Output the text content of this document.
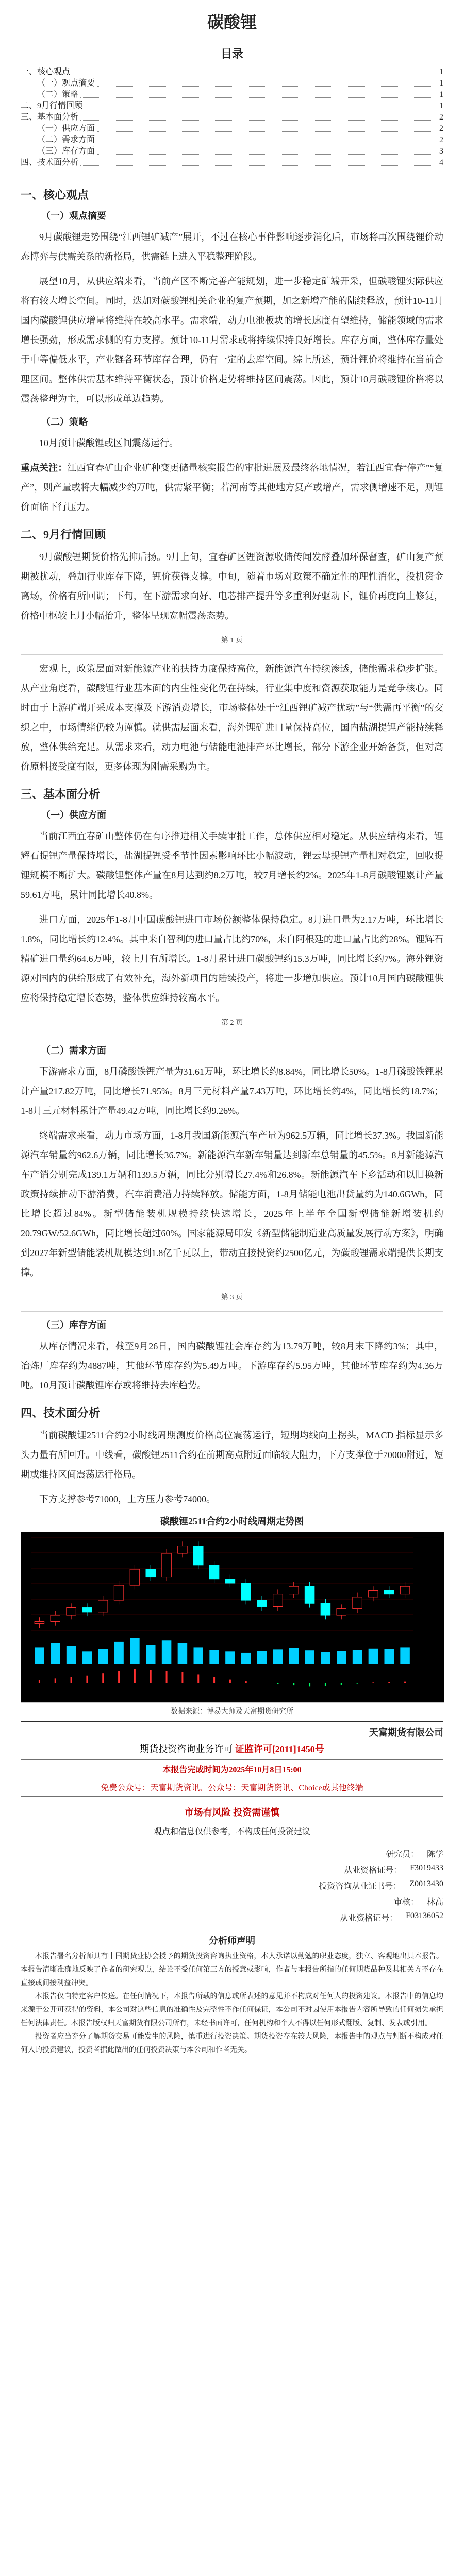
碳酸锂
目录
一、核心观点	1
（一）观点摘要	1
（二）策略	1
二、9月行情回顾	1
三、基本面分析	2
（一）供应方面	2
（二）需求方面	2
（三）库存方面	3
四、技术面分析	4
一、核心观点
（一）观点摘要

9月碳酸锂走势围绕“江西锂矿减产”展开，不过在核心事件影响逐步消化后，市场将再次围绕锂价动态博弈与供需关系的新格局，供需链上进入平稳整理阶段。

展望10月，从供应端来看，当前产区不断完善产能规划，进一步稳定矿端开采，但碳酸锂实际供应将有较大增长空间。同时，迭加对碳酸锂相关企业的复产预期，加之新增产能的陆续释放，预计10-11月国内碳酸锂供应增量将维持在较高水平。需求端，动力电池板块的增长速度有望维持，储能领域的需求增长强劲，形成需求侧的有力支撑。预计10-11月需求或将持续保持良好增长。库存方面，整体库存量处于中等偏低水平，产业链各环节库存合理，仍有一定的去库空间。综上所述，预计锂价将维持在当前合理区间。整体供需基本维持平衡状态，预计价格走势将维持区间震荡。因此，预计10月碳酸锂价格将以震荡整理为主，可以形成单边趋势。

（二）策略

10月预计碳酸锂或区间震荡运行。

重点关注：江西宜春矿山企业矿种变更储量核实报告的审批进展及最终落地情况，若江西宜春“停产”“复产”，则产量或将大幅减少约万吨，供需紧平衡；若河南等其他地方复产或增产，需求侧增速不足，则锂价面临下行压力。
二、9月行情回顾

9月碳酸锂期货价格先抑后扬。9月上旬，宜春矿区锂资源收储传闻发酵叠加环保督查，矿山复产预期被扰动，叠加行业库存下降，锂价获得支撑。中旬，随着市场对政策不确定性的理性消化，投机资金离场，价格有所回调；下旬，在下游需求向好、电芯排产提升等多重利好驱动下，锂价再度向上修复，价格中枢较上月小幅抬升，整体呈现宽幅震荡态势。

第 1 页

宏观上，政策层面对新能源产业的扶持力度保持高位，新能源汽车持续渗透，储能需求稳步扩张。从产业角度看，碳酸锂行业基本面的内生性变化仍在持续，行业集中度和资源获取能力是竞争核心。同时由于上游矿端开采成本支撑及下游消费增长，市场整体处于“江西锂矿减产扰动”与“供需再平衡”的交织之中，市场情绪仍较为谨慎。就供需层面来看，海外锂矿进口量保持高位，国内盐湖提锂产能持续释放，整体供给充足。从需求来看，动力电池与储能电池排产环比增长，部分下游企业开始备货，但对高价原料接受度有限，更多体现为刚需采购为主。

三、基本面分析
（一）供应方面

当前江西宜春矿山整体仍在有序推进相关手续审批工作，总体供应相对稳定。从供应结构来看，锂辉石提锂产量保持增长，盐湖提锂受季节性因素影响环比小幅波动，锂云母提锂产量相对稳定，回收提锂规模不断扩大。碳酸锂整体产量在8月达到约8.2万吨，较7月增长约2%。2025年1-8月碳酸锂累计产量59.61万吨，累计同比增长40.8%。

进口方面，2025年1-8月中国碳酸锂进口市场份额整体保持稳定。8月进口量为2.17万吨，环比增长1.8%，同比增长约12.4%。其中来自智利的进口量占比约70%，来自阿根廷的进口量占比约28%。锂辉石精矿进口量约64.6万吨，较上月有所增长。1-8月累计进口碳酸锂约15.3万吨，同比增长约7%。海外锂资源对国内的供给形成了有效补充，海外新项目的陆续投产，将进一步增加供应。预计10月国内碳酸锂供应将保持稳定增长态势，整体供应维持较高水平。

第 2 页
（二）需求方面

下游需求方面，8月磷酸铁锂产量为31.61万吨，环比增长约8.84%，同比增长50%。1-8月磷酸铁锂累计产量217.82万吨，同比增长71.95%。8月三元材料产量7.43万吨，环比增长约4%，同比增长约18.7%；1-8月三元材料累计产量49.42万吨，同比增长约9.26%。

终端需求来看，动力市场方面，1-8月我国新能源汽车产量为962.5万辆，同比增长37.3%。我国新能源汽车销量约962.6万辆，同比增长36.7%。新能源汽车新车销量达到新车总销量的45.5%。8月新能源汽车产销分别完成139.1万辆和139.5万辆，同比分别增长27.4%和26.8%。新能源汽车下乡活动和以旧换新政策持续推动下游消费，汽车消费潜力持续释放。储能方面，1-8月储能电池出货量约为140.6GWh，同比增长超过84%。新型储能装机规模持续快速增长，2025年上半年全国新型储能新增装机约20.79GW/52.6GWh，同比增长超过60%。国家能源局印发《新型储能制造业高质量发展行动方案》，明确到2027年新型储能装机规模达到1.8亿千瓦以上，带动直接投资约2500亿元，为碳酸锂需求端提供长期支撑。

第 3 页
（三）库存方面

从库存情况来看，截至9月26日，国内碳酸锂社会库存约为13.79万吨，较8月末下降约3%；其中，冶炼厂库存约为4887吨，其他环节库存约为5.49万吨。下游库存约5.95万吨，其他环节库存约为4.36万吨。10月预计碳酸锂库存或将维持去库趋势。

四、技术面分析

当前碳酸锂2511合约2小时线周期测度价格高位震荡运行，短期均线向上拐头，MACD 指标显示多头力量有所回升。中线看，碳酸锂2511合约在前期高点附近面临较大阻力，下方支撑位于70000附近，短期或维持区间震荡运行格局。

下方支撑参考71000，上方压力参考74000。

碳酸锂2511合约2小时线周期走势图
数据来源：博易大师及天富期货研究所
天富期货有限公司
期货投资咨询业务许可 证监许可[2011]1450号
本报告完成时间为2025年10月8日15:00
免费公众号：天富期货资讯、公众号：天富期货资讯、Choice或其他终端
市场有风险 投资需谨慎
观点和信息仅供参考，不构成任何投资建议
研究员： 陈学
从业资格证号： F3019433
投资咨询从业证书号： Z0013430
审核： 林高
从业资格证号： F03136052
分析师声明

本报告署名分析师具有中国期货业协会授予的期货投资咨询执业资格，本人承诺以勤勉的职业态度，独立、客观地出具本报告。本报告清晰准确地反映了作者的研究观点，结论不受任何第三方的授意或影响，作者与本报告所指的任何期货品种及其相关方不存在直接或间接利益冲突。

本报告仅向特定客户传送。在任何情况下，本报告所载的信息或所表述的意见并不构成对任何人的投资建议。本报告中的信息均来源于公开可获得的资料，本公司对这些信息的准确性及完整性不作任何保证，本公司不对因使用本报告内容所导致的任何损失承担任何法律责任。本报告版权归天富期货有限公司所有，未经书面许可，任何机构和个人不得以任何形式翻版、复制、发表或引用。

投资者应当充分了解期货交易可能发生的风险，慎重进行投资决策。期货投资存在较大风险，本报告中的观点与判断不构成对任何人的投资建议，投资者据此做出的任何投资决策与本公司和作者无关。
